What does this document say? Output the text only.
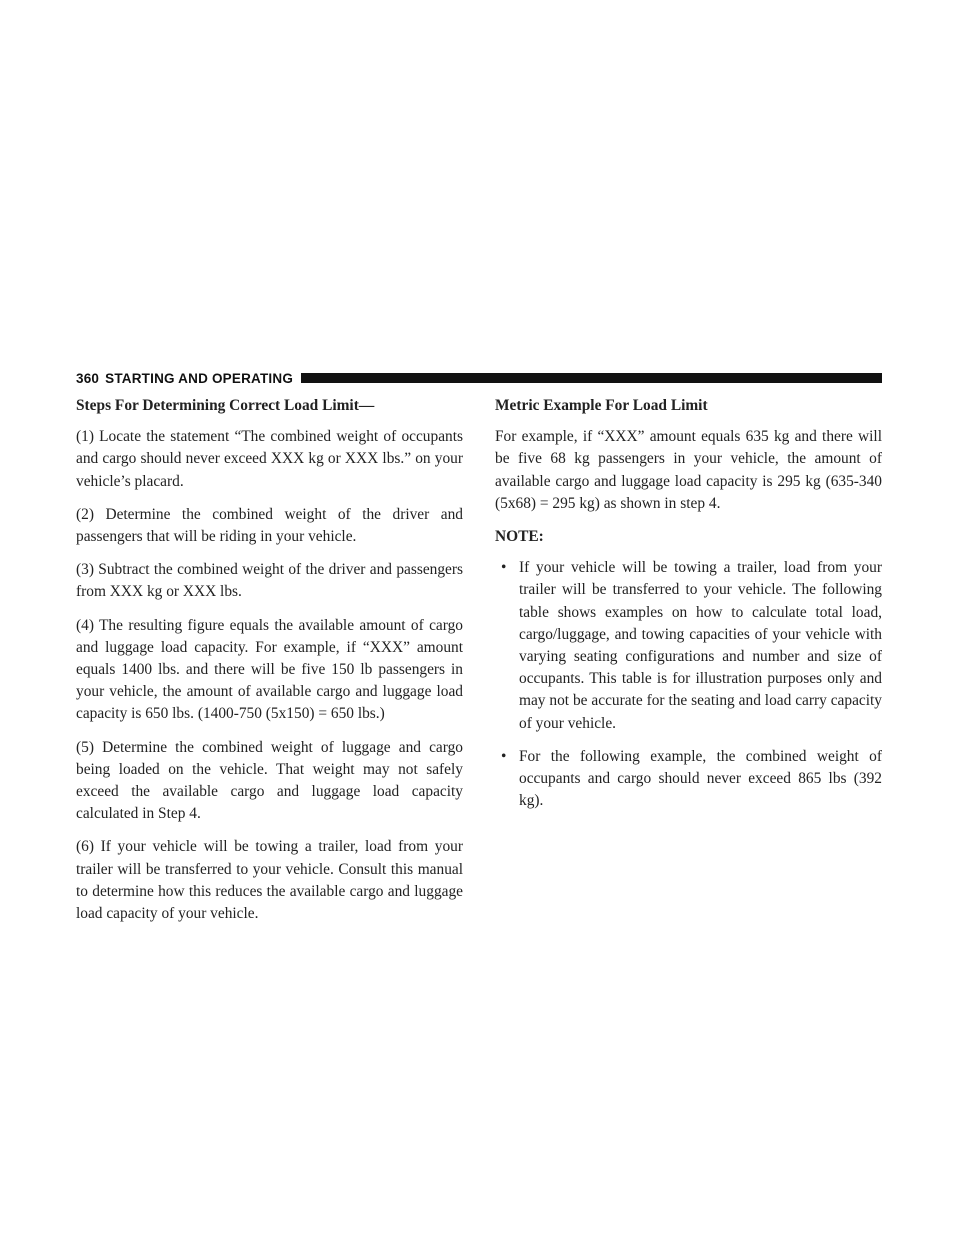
360 STARTING AND OPERATING

Steps For Determining Correct Load Limit—

(1) Locate the statement “The combined weight of occupants and cargo should never exceed XXX kg or XXX lbs.” on your vehicle’s placard.

(2) Determine the combined weight of the driver and passengers that will be riding in your vehicle.

(3) Subtract the combined weight of the driver and passengers from XXX kg or XXX lbs.

(4) The resulting figure equals the available amount of cargo and luggage load capacity. For example, if “XXX” amount equals 1400 lbs. and there will be five 150 lb passengers in your vehicle, the amount of available cargo and luggage load capacity is 650 lbs. (1400-750 (5x150) = 650 lbs.)

(5) Determine the combined weight of luggage and cargo being loaded on the vehicle. That weight may not safely exceed the available cargo and luggage load capacity calculated in Step 4.

(6) If your vehicle will be towing a trailer, load from your trailer will be transferred to your vehicle. Consult this manual to determine how this reduces the available cargo and luggage load capacity of your vehicle.

Metric Example For Load Limit

For example, if “XXX” amount equals 635 kg and there will be five 68 kg passengers in your vehicle, the amount of available cargo and luggage load capacity is 295 kg (635-340 (5x68) = 295 kg) as shown in step 4.

NOTE:

• If your vehicle will be towing a trailer, load from your trailer will be transferred to your vehicle. The following table shows examples on how to calculate total load, cargo/luggage, and towing capacities of your vehicle with varying seating configurations and number and size of occupants. This table is for illustration purposes only and may not be accurate for the seating and load carry capacity of your vehicle.
• For the following example, the combined weight of occupants and cargo should never exceed 865 lbs (392 kg).
